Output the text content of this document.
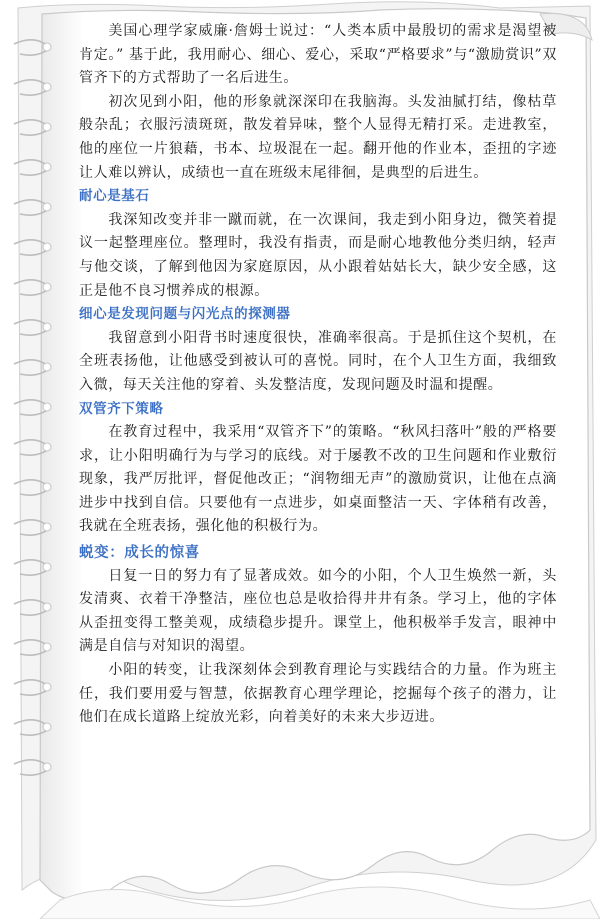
美国心理学家威廉·詹姆士说过：“人类本质中最殷切的需求是渴望被肯定。” 基于此，我用耐心、细心、爱心，采取“严格要求”与“激励赏识”双管齐下的方式帮助了一名后进生。

初次见到小阳，他的形象就深深印在我脑海。头发油腻打结，像枯草般杂乱；衣服污渍斑斑，散发着异味，整个人显得无精打采。走进教室，他的座位一片狼藉，书本、垃圾混在一起。翻开他的作业本，歪扭的字迹让人难以辨认，成绩也一直在班级末尾徘徊，是典型的后进生。

耐心是基石

我深知改变并非一蹴而就，在一次课间，我走到小阳身边，微笑着提议一起整理座位。整理时，我没有指责，而是耐心地教他分类归纳，轻声与他交谈，了解到他因为家庭原因，从小跟着姑姑长大，缺少安全感，这正是他不良习惯养成的根源。

细心是发现问题与闪光点的探测器

我留意到小阳背书时速度很快，准确率很高。于是抓住这个契机，在全班表扬他，让他感受到被认可的喜悦。同时，在个人卫生方面，我细致入微，每天关注他的穿着、头发整洁度，发现问题及时温和提醒。

双管齐下策略

在教育过程中，我采用“双管齐下”的策略。“秋风扫落叶”般的严格要求，让小阳明确行为与学习的底线。对于屡教不改的卫生问题和作业敷衍现象，我严厉批评，督促他改正；“润物细无声”的激励赏识，让他在点滴进步中找到自信。只要他有一点进步，如桌面整洁一天、字体稍有改善，我就在全班表扬，强化他的积极行为。

蜕变：成长的惊喜

日复一日的努力有了显著成效。如今的小阳，个人卫生焕然一新，头发清爽、衣着干净整洁，座位也总是收拾得井井有条。学习上，他的字体从歪扭变得工整美观，成绩稳步提升。课堂上，他积极举手发言，眼神中满是自信与对知识的渴望。

小阳的转变，让我深刻体会到教育理论与实践结合的力量。作为班主任，我们要用爱与智慧，依据教育心理学理论，挖掘每个孩子的潜力，让他们在成长道路上绽放光彩，向着美好的未来大步迈进。
